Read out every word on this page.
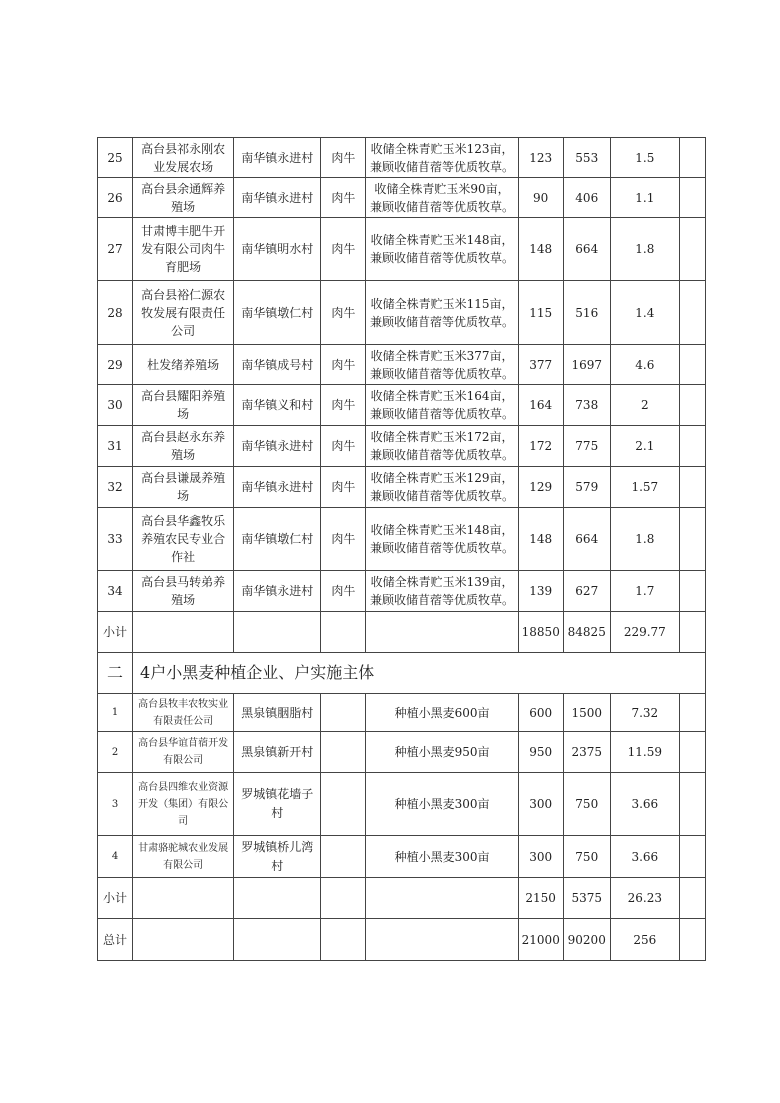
25	高台县祁永刚农业发展农场	南华镇永进村	肉牛	收储全株青贮玉米123亩，兼顾收储苜蓿等优质牧草。	123	553	1.5	
26	高台县余通辉养殖场	南华镇永进村	肉牛	收储全株青贮玉米90亩，兼顾收储苜蓿等优质牧草。	90	406	1.1	
27	甘肃博丰肥牛开发有限公司肉牛育肥场	南华镇明水村	肉牛	收储全株青贮玉米148亩，兼顾收储苜蓿等优质牧草。	148	664	1.8	
28	高台县裕仁源农牧发展有限责任公司	南华镇墩仁村	肉牛	收储全株青贮玉米115亩，兼顾收储苜蓿等优质牧草。	115	516	1.4	
29	杜发绪养殖场	南华镇成号村	肉牛	收储全株青贮玉米377亩，兼顾收储苜蓿等优质牧草。	377	1697	4.6	
30	高台县耀阳养殖场	南华镇义和村	肉牛	收储全株青贮玉米164亩，兼顾收储苜蓿等优质牧草。	164	738	2	
31	高台县赵永东养殖场	南华镇永进村	肉牛	收储全株青贮玉米172亩，兼顾收储苜蓿等优质牧草。	172	775	2.1	
32	高台县谦晟养殖场	南华镇永进村	肉牛	收储全株青贮玉米129亩，兼顾收储苜蓿等优质牧草。	129	579	1.57	
33	高台县华鑫牧乐养殖农民专业合作社	南华镇墩仁村	肉牛	收储全株青贮玉米148亩，兼顾收储苜蓿等优质牧草。	148	664	1.8	
34	高台县马转弟养殖场	南华镇永进村	肉牛	收储全株青贮玉米139亩，兼顾收储苜蓿等优质牧草。	139	627	1.7	
小计					18850	84825	229.77	
二	4户小黑麦种植企业、户实施主体							
1	高台县牧丰农牧实业有限责任公司	黑泉镇胭脂村		种植小黑麦600亩	600	1500	7.32	
2	高台县华谊苜蓿开发有限公司	黑泉镇新开村		种植小黑麦950亩	950	2375	11.59	
3	高台县四维农业资源开发（集团）有限公司	罗城镇花墙子村		种植小黑麦300亩	300	750	3.66	
4	甘肃骆驼城农业发展有限公司	罗城镇桥儿湾村		种植小黑麦300亩	300	750	3.66	
小计					2150	5375	26.23	
总计					21000	90200	256	
